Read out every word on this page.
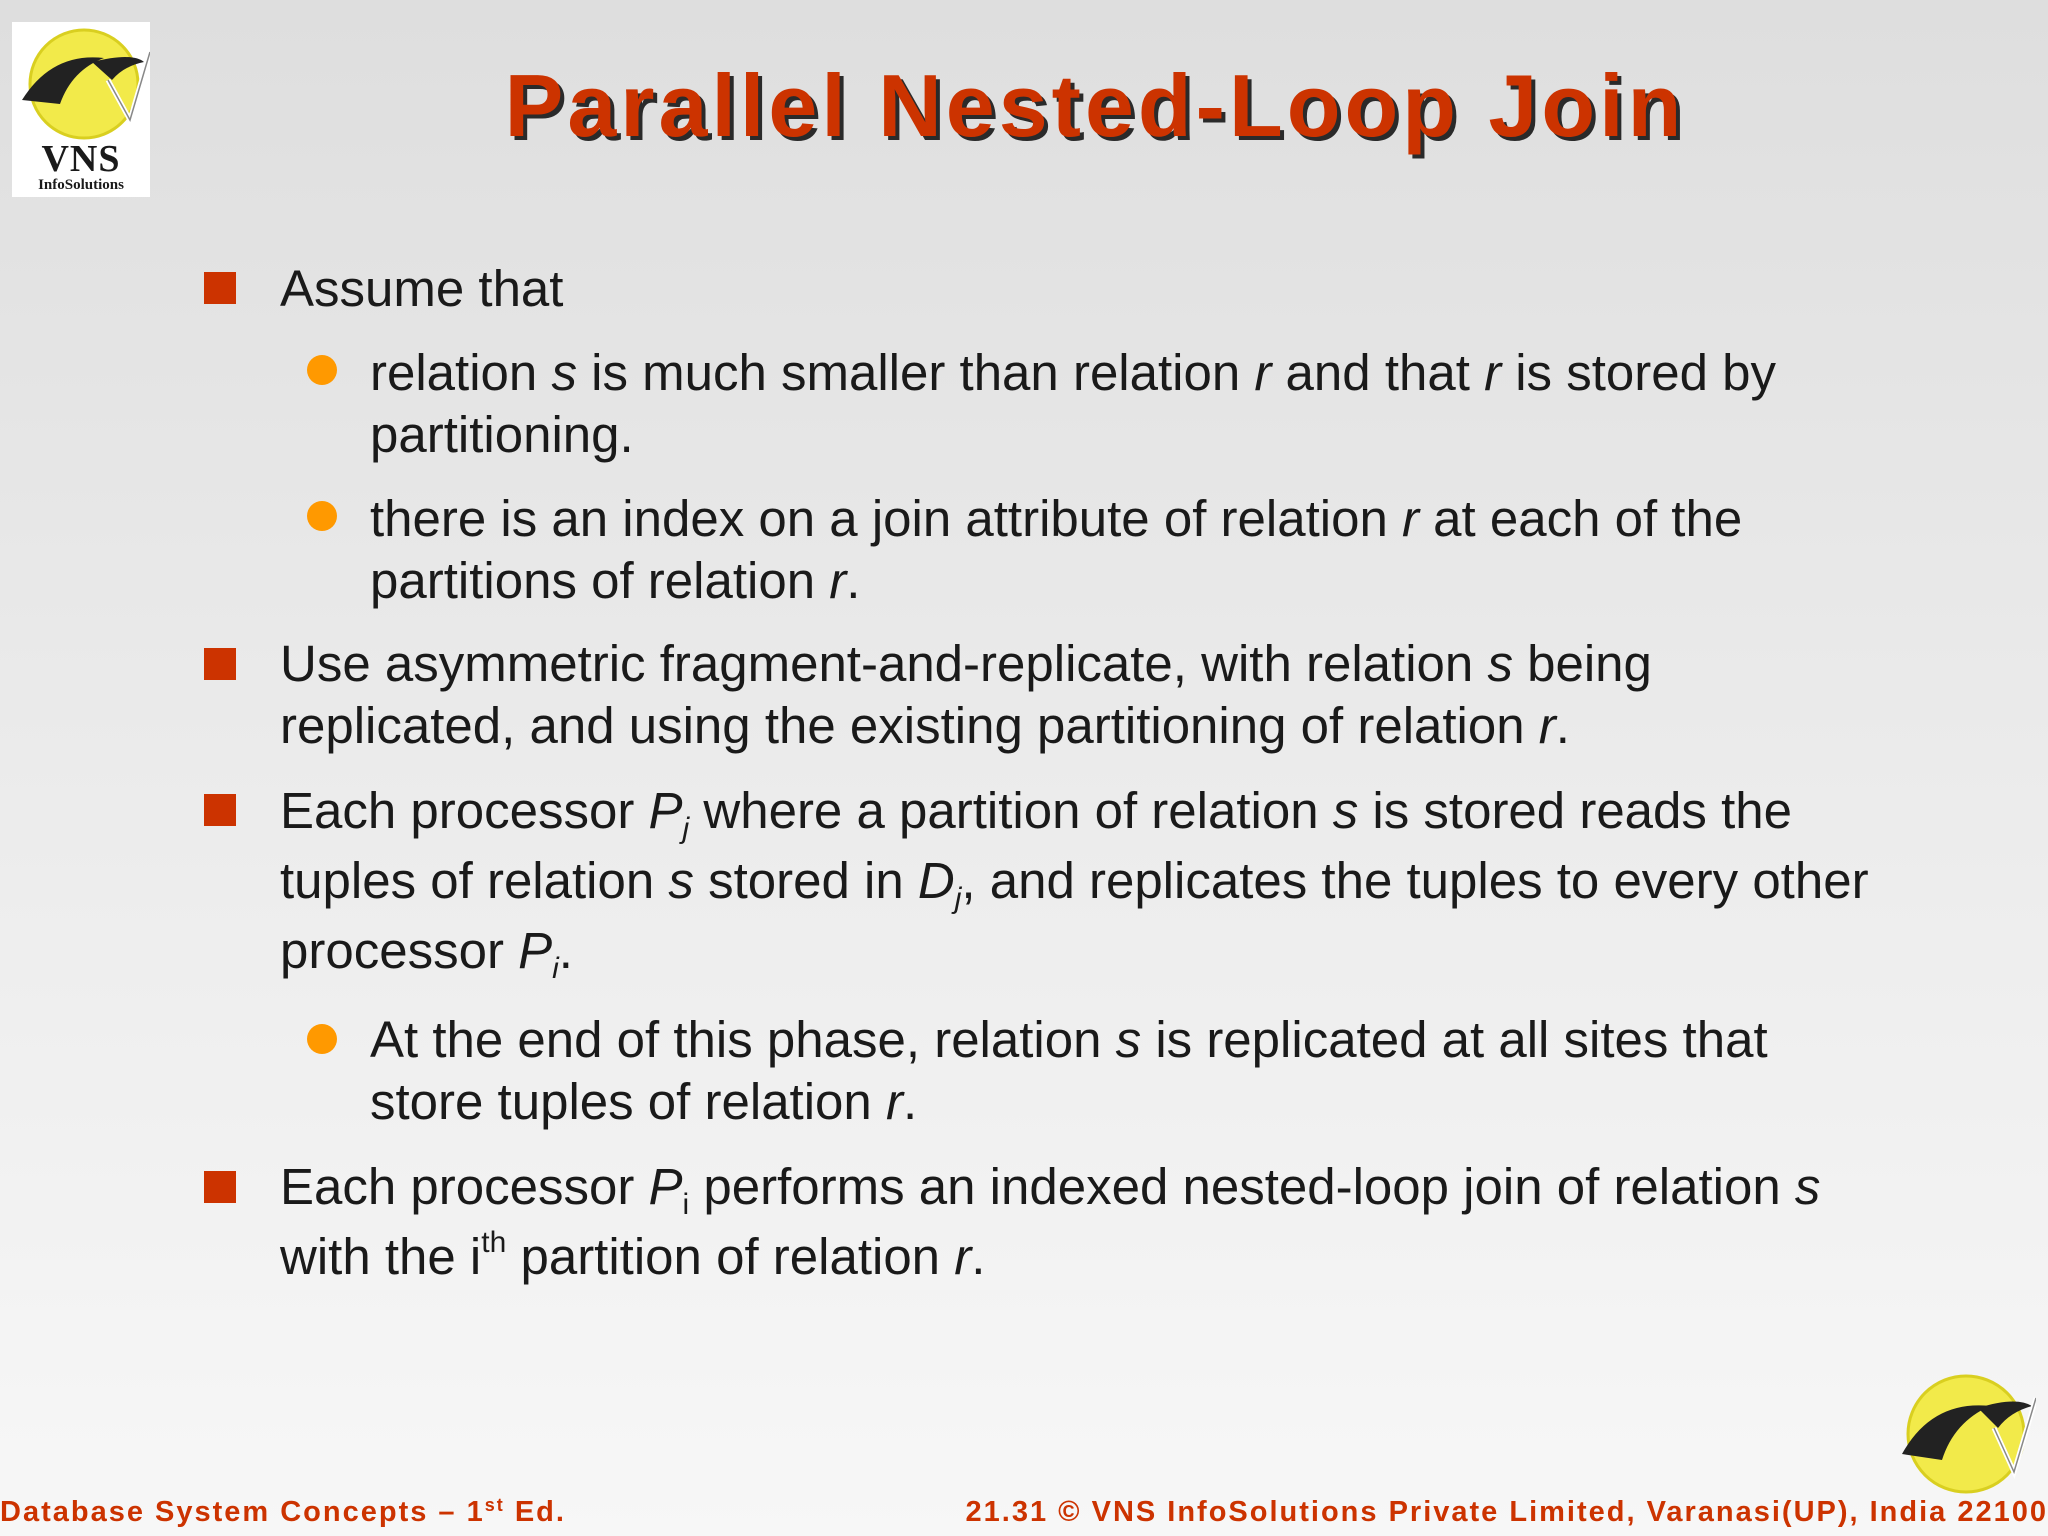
VNS
InfoSolutions
Parallel Nested-Loop Join
Assume that
relation s is much smaller than relation r and that r is stored by partitioning.
there is an index on a join attribute of relation r at each of the partitions of relation r.
Use asymmetric fragment-and-replicate, with relation s being replicated, and using the existing partitioning of relation r.
Each processor $P_j$ where a partition of relation s is stored reads the tuples of relation s stored in $D_j$, and replicates the tuples to every other processor $P_i$.
At the end of this phase, relation s is replicated at all sites that store tuples of relation r.
Each processor $P_i$ performs an indexed nested-loop join of relation s with the $i^{th}$ partition of relation r.
Database System Concepts – 1st Ed.	21.31 © VNS InfoSolutions Private Limited, Varanasi(UP), India 22100
